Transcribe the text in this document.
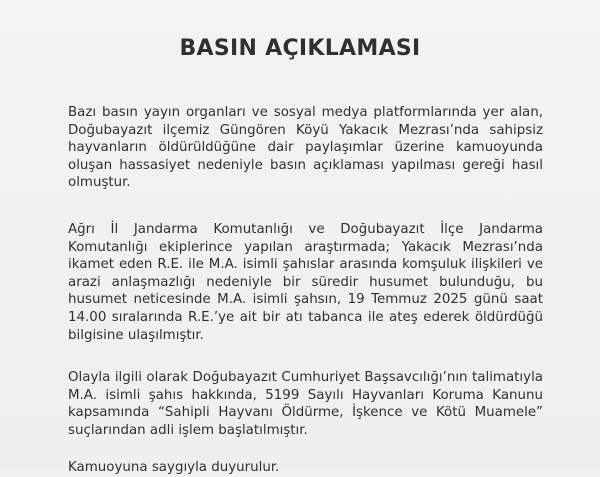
BASIN AÇIKLAMASI

Bazı basın yayın organları ve sosyal medya platformlarında yer alan, Doğubayazıt ilçemiz Güngören Köyü Yakacık Mezrası’nda sahipsiz hayvanların öldürüldüğüne dair paylaşımlar üzerine kamuoyunda oluşan hassasiyet nedeniyle basın açıklaması yapılması gereği hasıl olmuştur.

Ağrı İl Jandarma Komutanlığı ve Doğubayazıt İlçe Jandarma Komutanlığı ekiplerince yapılan araştırmada; Yakacık Mezrası’nda ikamet eden R.E. ile M.A. isimli şahıslar arasında komşuluk ilişkileri ve arazi anlaşmazlığı nedeniyle bir süredir husumet bulunduğu, bu husumet neticesinde M.A. isimli şahsın, 19 Temmuz 2025 günü saat 14.00 sıralarında R.E.’ye ait bir atı tabanca ile ateş ederek öldürdüğü bilgisine ulaşılmıştır.

Olayla ilgili olarak Doğubayazıt Cumhuriyet Başsavcılığı’nın talimatıyla M.A. isimli şahıs hakkında, 5199 Sayılı Hayvanları Koruma Kanunu kapsamında “Sahipli Hayvanı Öldürme, İşkence ve Kötü Muamele” suçlarından adli işlem başlatılmıştır.

Kamuoyuna saygıyla duyurulur.
